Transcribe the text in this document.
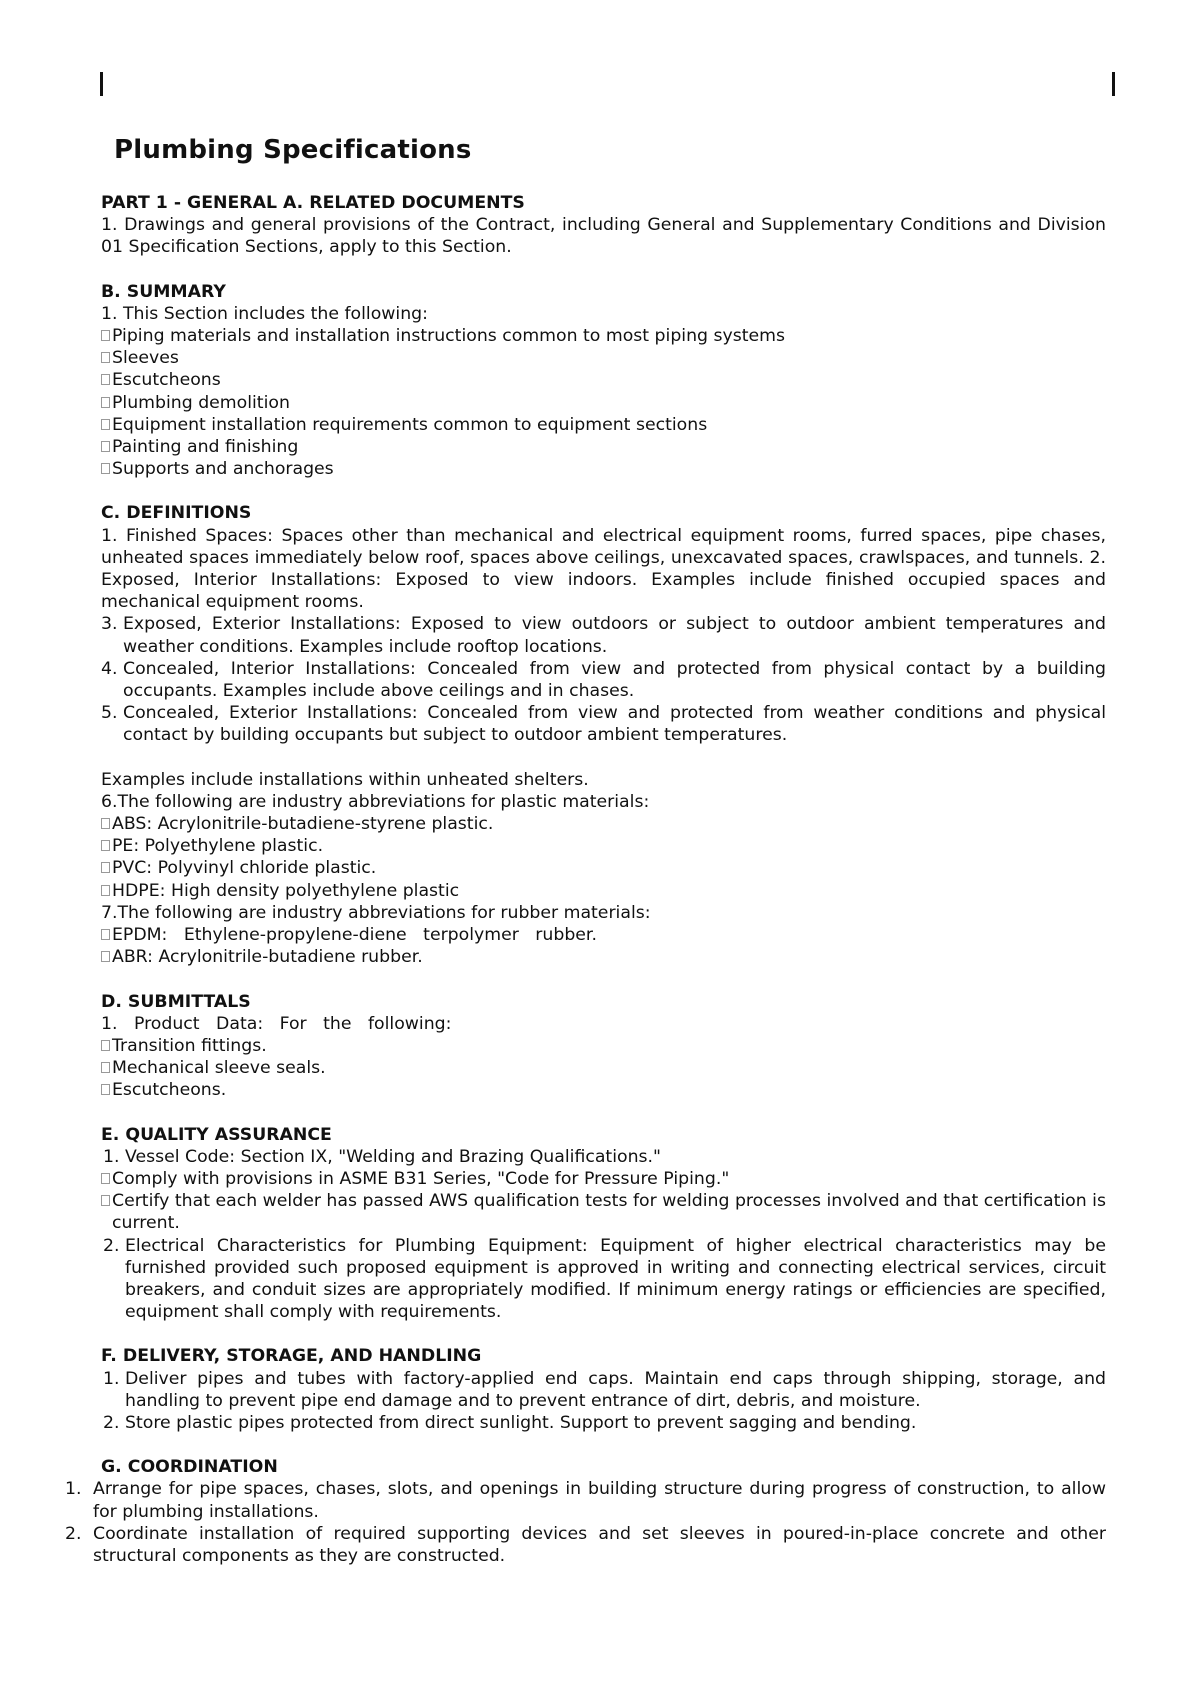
Plumbing Specifications
PART 1 - GENERAL A. RELATED DOCUMENTS
1. Drawings and general provisions of the Contract, including General and Supplementary Conditions and Division 01 Specification Sections, apply to this Section.
B. SUMMARY
1. This Section includes the following:
Piping materials and installation instructions common to most piping systems
Sleeves
Escutcheons
Plumbing demolition
Equipment installation requirements common to equipment sections
Painting and finishing
Supports and anchorages
C. DEFINITIONS
1. Finished Spaces: Spaces other than mechanical and electrical equipment rooms, furred spaces, pipe chases, unheated spaces immediately below roof, spaces above ceilings, unexcavated spaces, crawlspaces, and tunnels. 2. Exposed, Interior Installations: Exposed to view indoors. Examples include finished occupied spaces and mechanical equipment rooms.
3. Exposed, Exterior Installations: Exposed to view outdoors or subject to outdoor ambient temperatures and weather conditions. Examples include rooftop locations.
4. Concealed, Interior Installations: Concealed from view and protected from physical contact by a building occupants. Examples include above ceilings and in chases.
5. Concealed, Exterior Installations: Concealed from view and protected from weather conditions and physical contact by building occupants but subject to outdoor ambient temperatures.
Examples include installations within unheated shelters.
6.The following are industry abbreviations for plastic materials:
ABS: Acrylonitrile-butadiene-styrene plastic.
PE: Polyethylene plastic.
PVC: Polyvinyl chloride plastic.
HDPE: High density polyethylene plastic
7.The following are industry abbreviations for rubber materials:
EPDM:   Ethylene-propylene-diene   terpolymer   rubber.
ABR: Acrylonitrile-butadiene rubber.
D. SUBMITTALS
1.   Product   Data:   For   the   following:
Transition fittings.
Mechanical sleeve seals.
Escutcheons.
E. QUALITY ASSURANCE
1. Vessel Code: Section IX, "Welding and Brazing Qualifications."
Comply with provisions in ASME B31 Series, "Code for Pressure Piping."
Certify that each welder has passed AWS qualification tests for welding processes involved and that certification is current.
2. Electrical Characteristics for Plumbing Equipment: Equipment of higher electrical characteristics may be furnished provided such proposed equipment is approved in writing and connecting electrical services, circuit breakers, and conduit sizes are appropriately modified. If minimum energy ratings or efficiencies are specified, equipment shall comply with requirements.
F. DELIVERY, STORAGE, AND HANDLING
1. Deliver pipes and tubes with factory-applied end caps. Maintain end caps through shipping, storage, and handling to prevent pipe end damage and to prevent entrance of dirt, debris, and moisture.
2. Store plastic pipes protected from direct sunlight. Support to prevent sagging and bending.
G. COORDINATION
1. Arrange for pipe spaces, chases, slots, and openings in building structure during progress of construction, to allow for plumbing installations.
2. Coordinate installation of required supporting devices and set sleeves in poured-in-place concrete and other structural components as they are constructed.
